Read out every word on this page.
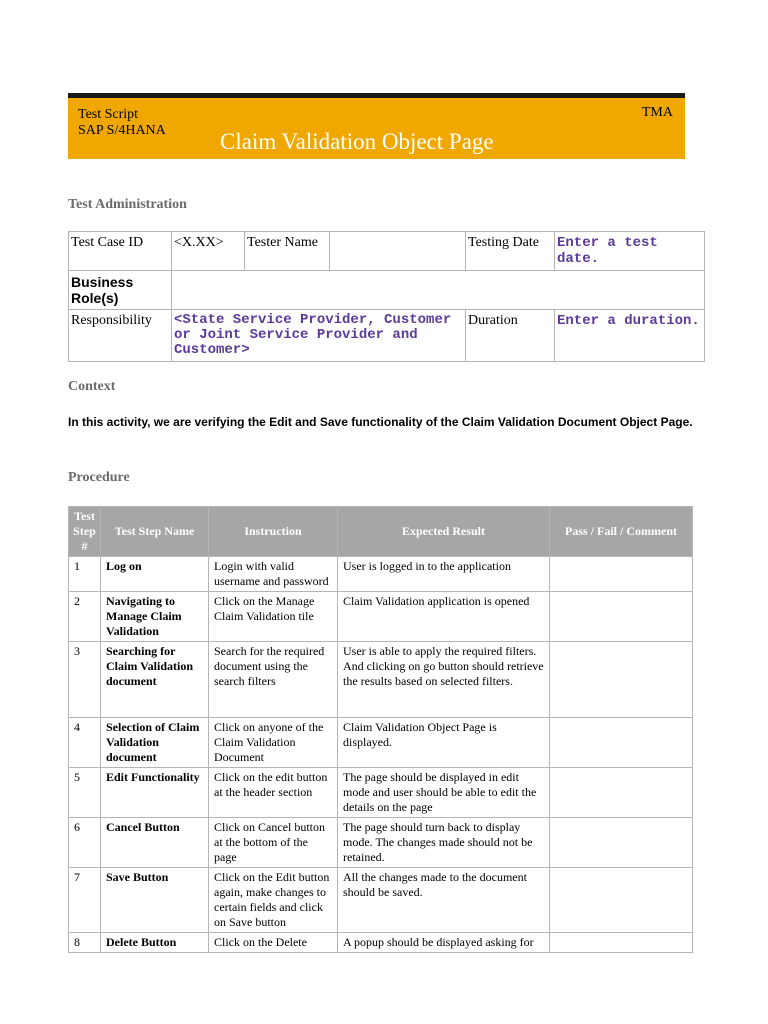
Test Script
SAP S/4HANA
TMA
Claim Validation Object Page
Test Administration
Test Case ID	<X.XX>	Tester Name		Testing Date	Enter a test date.
Business Role(s)					
Responsibility	<State Service Provider, Customer or Joint Service Provider and Customer>			Duration	Enter a duration.
Context
In this activity, we are verifying the Edit and Save functionality of the Claim Validation Document Object Page.
Procedure
Test Step #	Test Step Name	Instruction	Expected Result	Pass / Fail / Comment
1	Log on	Login with valid username and password	User is logged in to the application	
2	Navigating to Manage Claim Validation	Click on the Manage Claim Validation tile	Claim Validation application is opened	
3	Searching for Claim Validation document	Search for the required document using the search filters	User is able to apply the required filters. And clicking on go button should retrieve the results based on selected filters.	
4	Selection of Claim Validation document	Click on anyone of the Claim Validation Document	Claim Validation Object Page is displayed.	
5	Edit Functionality	Click on the edit button at the header section	The page should be displayed in edit mode and user should be able to edit the details on the page	
6	Cancel Button	Click on Cancel button at the bottom of the page	The page should turn back to display mode. The changes made should not be retained.	
7	Save Button	Click on the Edit button again, make changes to certain fields and click on Save button	All the changes made to the document should be saved.	
8	Delete Button	Click on the Delete	A popup should be displayed asking for	
